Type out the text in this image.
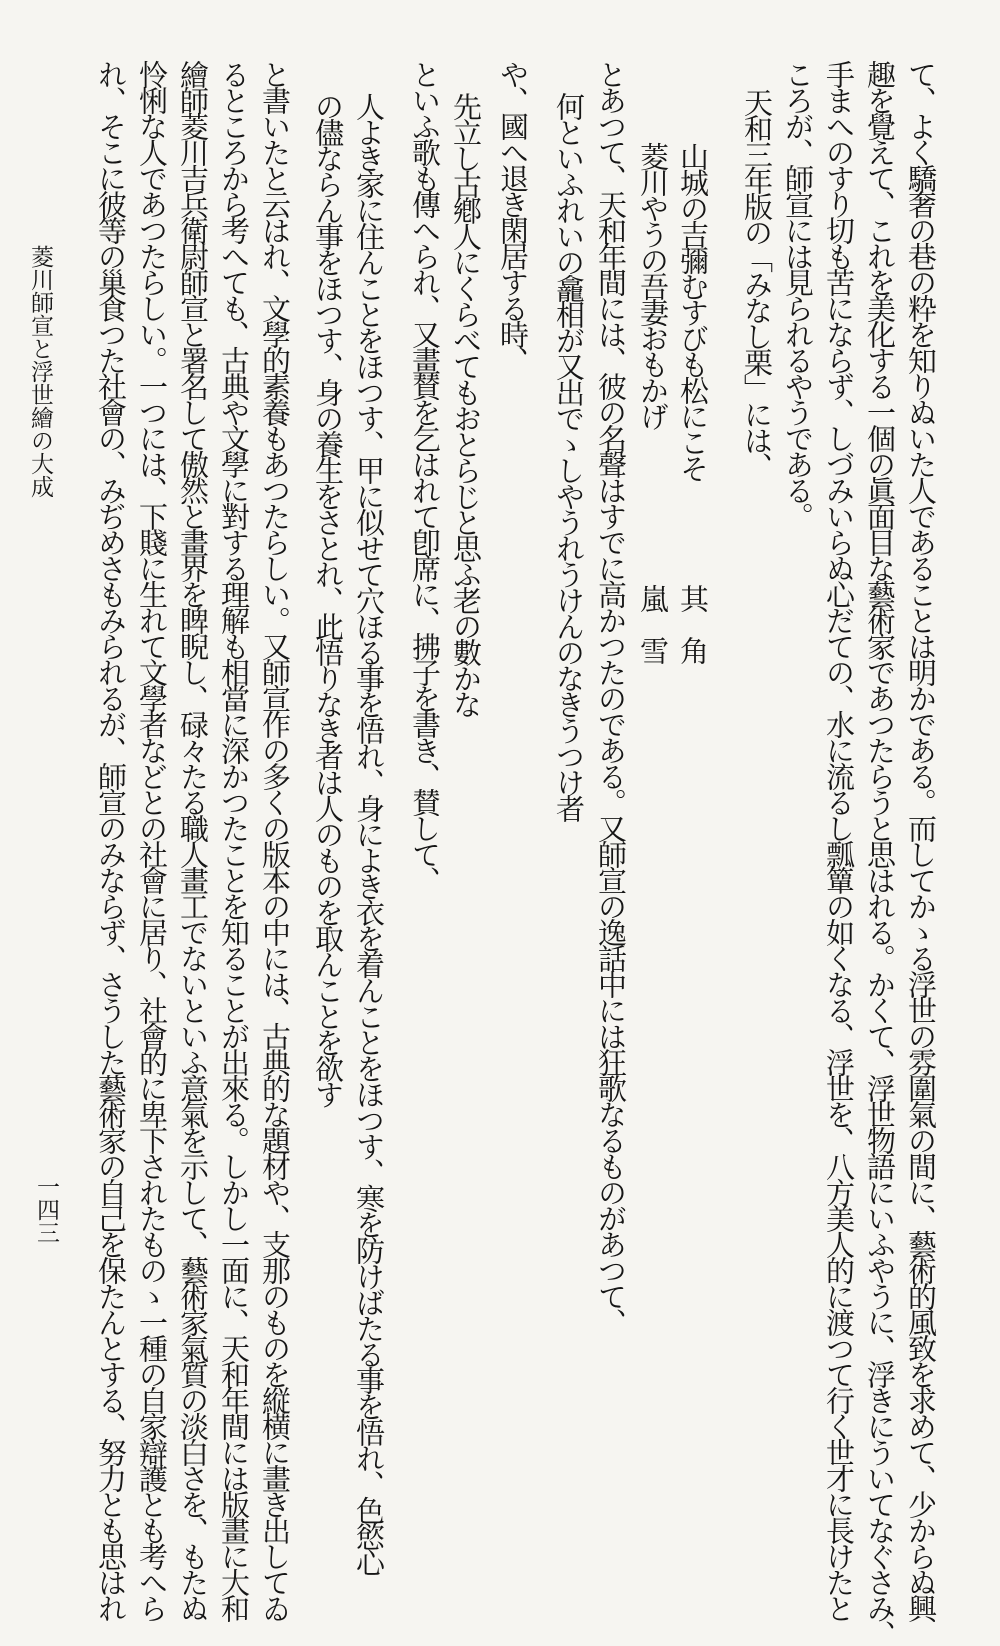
て、よく驕奢の巷の粋を知りぬいた人であることは明かである。而してかゝる浮世の雰圍氣の間に、藝術的風致を求めて、少からぬ興
趣を覺えて、これを美化する一個の眞面目な藝術家であつたらうと思はれる。かくて、浮世物語にいふやうに、浮きにういてなぐさみ、
手まへのすり切も苦にならず、しづみいらぬ心だての、水に流るし瓢簞の如くなる、浮世を、八方美人的に渡つて行く世才に長けたと
ころが、師宣には見られるやうである。
天和三年版の「みなし栗」には、
山城の吉彌むすびも松にこそ　　　　其　角
菱川やうの吾妻おもかげ　　　　　　嵐　雪
とあつて、天和年間には、彼の名聲はすでに高かつたのである。又師宣の逸話中には狂歌なるものがあつて、
何といふれいの龕相が又出でゝしやうれうけんのなきうつけ者
や、國へ退き閑居する時、
先立し古鄕人にくらべてもおとらじと思ふ老の數かな
といふ歌も傳へられ、又畫賛を乞はれて卽席に、拂子を書き、賛して、
人よき家に住んことをほつす、甲に似せて穴ほる事を悟れ、身によき衣を着んことをほつす、寒を防けばたる事を悟れ、色慾心
の儘ならん事をほつす、身の養生をさとれ、此悟りなき者は人のものを取んことを欲す
と書いたと云はれ、文學的素養もあつたらしい。又師宣作の多くの版本の中には、古典的な題材や、支那のものを縦横に畫き出してゐ
るところから考へても、古典や文學に對する理解も相當に深かつたことを知ることが出來る。しかし一面に、天和年間には版畫に大和
繪師菱川吉兵衛尉師宣と署名して傲然と畫界を睥睨し、碌々たる職人畫工でないといふ意氣を示して、藝術家氣質の淡白さを、もたぬ
怜悧な人であつたらしい。一つには、下賤に生れて文學者などとの社會に居り、社會的に卑下されたものゝ一種の自家辯護とも考へら
れ、そこに彼等の巢食つた社會の、みぢめさもみられるが、師宣のみならず、さうした藝術家の自己を保たんとする、努力とも思はれ
菱川師宣と浮世繪の大成
一四三
